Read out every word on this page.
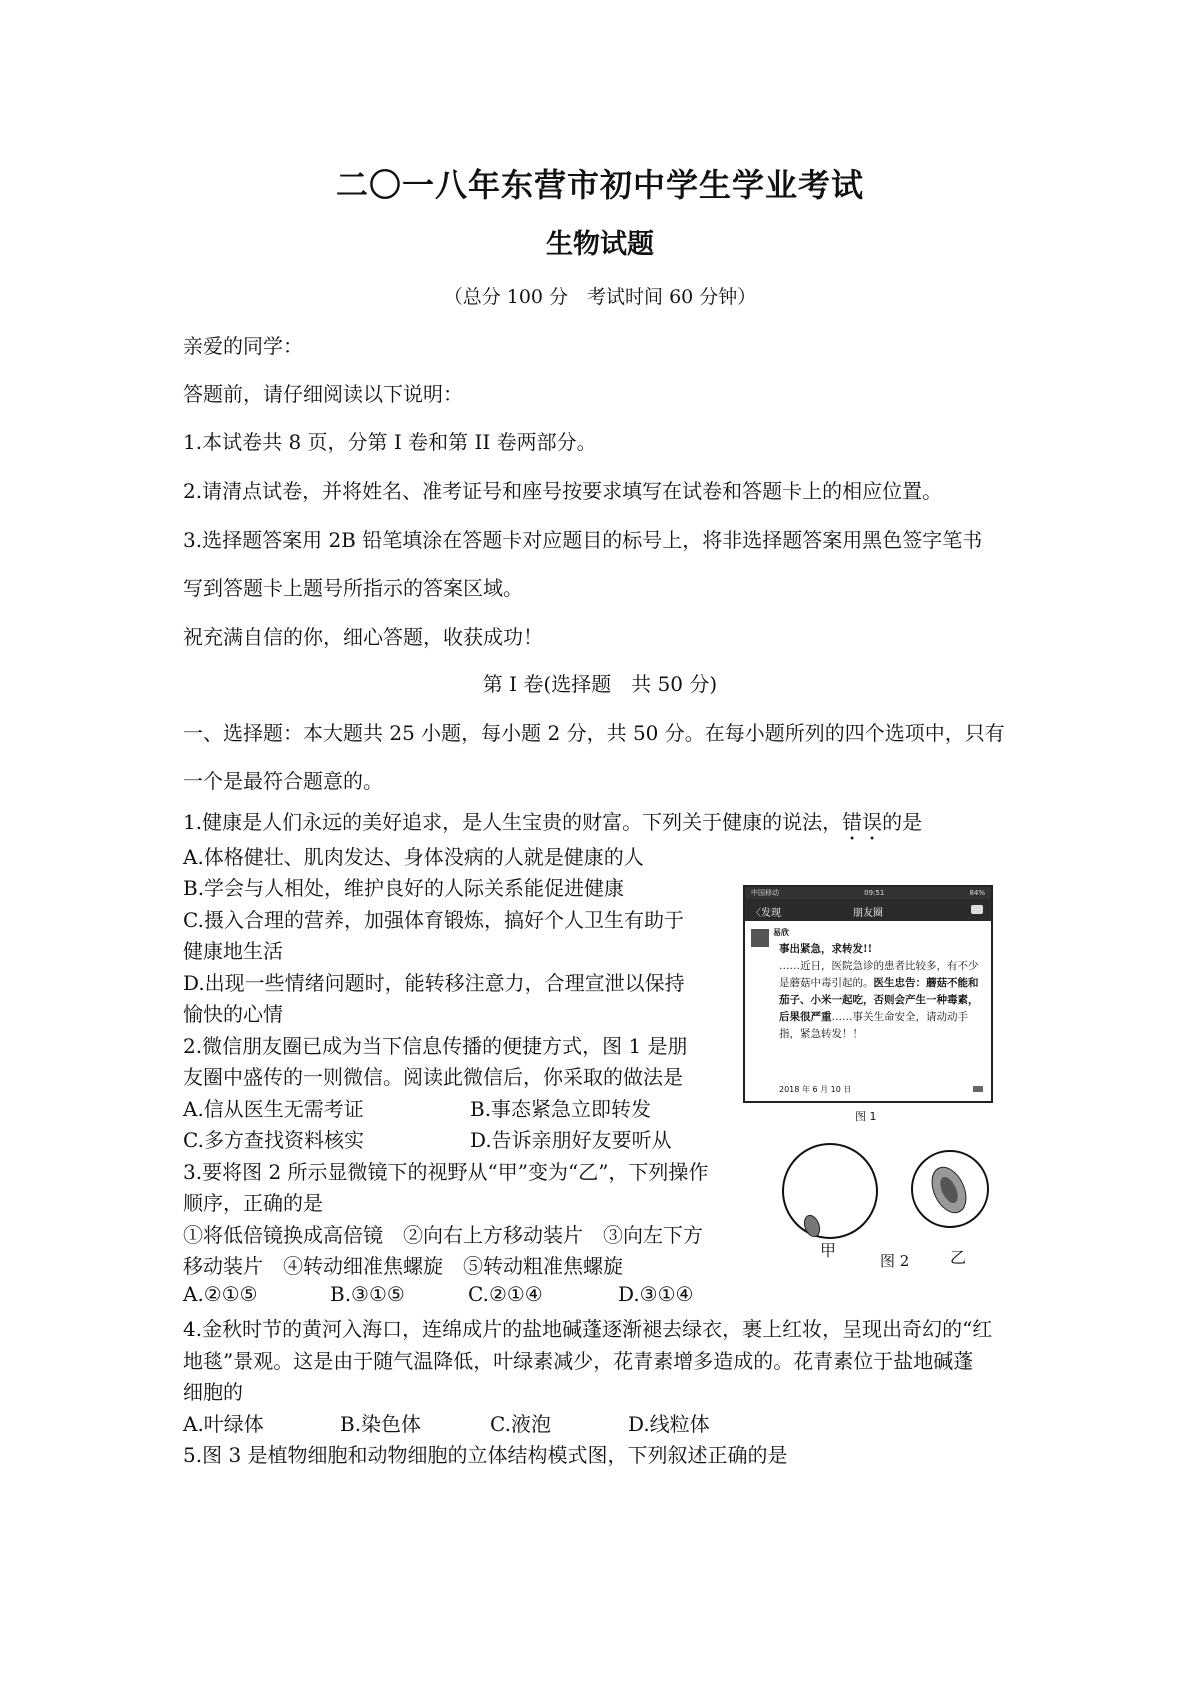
二〇一八年东营市初中学生学业考试
生物试题
（总分 100 分　考试时间 60 分钟）
亲爱的同学：
答题前，请仔细阅读以下说明：
1.本试卷共 8 页，分第 I 卷和第 II 卷两部分。
2.请清点试卷，并将姓名、准考证号和座号按要求填写在试卷和答题卡上的相应位置。
3.选择题答案用 2B 铅笔填涂在答题卡对应题目的标号上，将非选择题答案用黑色签字笔书
写到答题卡上题号所指示的答案区域。
祝充满自信的你，细心答题，收获成功！
第 I 卷(选择题　共 50 分)
一、选择题：本大题共 25 小题，每小题 2 分，共 50 分。在每小题所列的四个选项中，只有
一个是最符合题意的。
1.健康是人们永远的美好追求，是人生宝贵的财富。下列关于健康的说法，错误的是
A.体格健壮、肌肉发达、身体没病的人就是健康的人
B.学会与人相处，维护良好的人际关系能促进健康
C.摄入合理的营养，加强体育锻炼，搞好个人卫生有助于
健康地生活
D.出现一些情绪问题时，能转移注意力，合理宣泄以保持
愉快的心情
2.微信朋友圈已成为当下信息传播的便捷方式，图 1 是朋
友圈中盛传的一则微信。阅读此微信后，你采取的做法是
A.信从医生无需考证	B.事态紧急立即转发
C.多方查找资料核实	D.告诉亲朋好友要听从
3.要将图 2 所示显微镜下的视野从“甲”变为“乙”，下列操作
顺序，正确的是
①将低倍镜换成高倍镜　②向右上方移动装片　③向左下方
移动装片　④转动细准焦螺旋　⑤转动粗准焦螺旋
A.②①⑤	B.③①⑤	C.②①④	D.③①④
4.金秋时节的黄河入海口，连绵成片的盐地碱蓬逐渐褪去绿衣，裹上红妆，呈现出奇幻的“红
地毯”景观。这是由于随气温降低，叶绿素减少，花青素增多造成的。花青素位于盐地碱蓬
细胞的
A.叶绿体	B.染色体	C.液泡	D.线粒体
5.图 3 是植物细胞和动物细胞的立体结构模式图，下列叙述正确的是
中国移动	09:51	84%
〈发现	朋友圈
易欣
事出紧急，求转发!!
……近日，医院急诊的患者比较多，有不少是蘑菇中毒引起的。医生忠告：蘑菇不能和茄子、小米一起吃，否则会产生一种毒素，后果很严重……事关生命安全，请动动手指，紧急转发！！
2018 年 6 月 10 日
图 1
甲
图 2	乙
